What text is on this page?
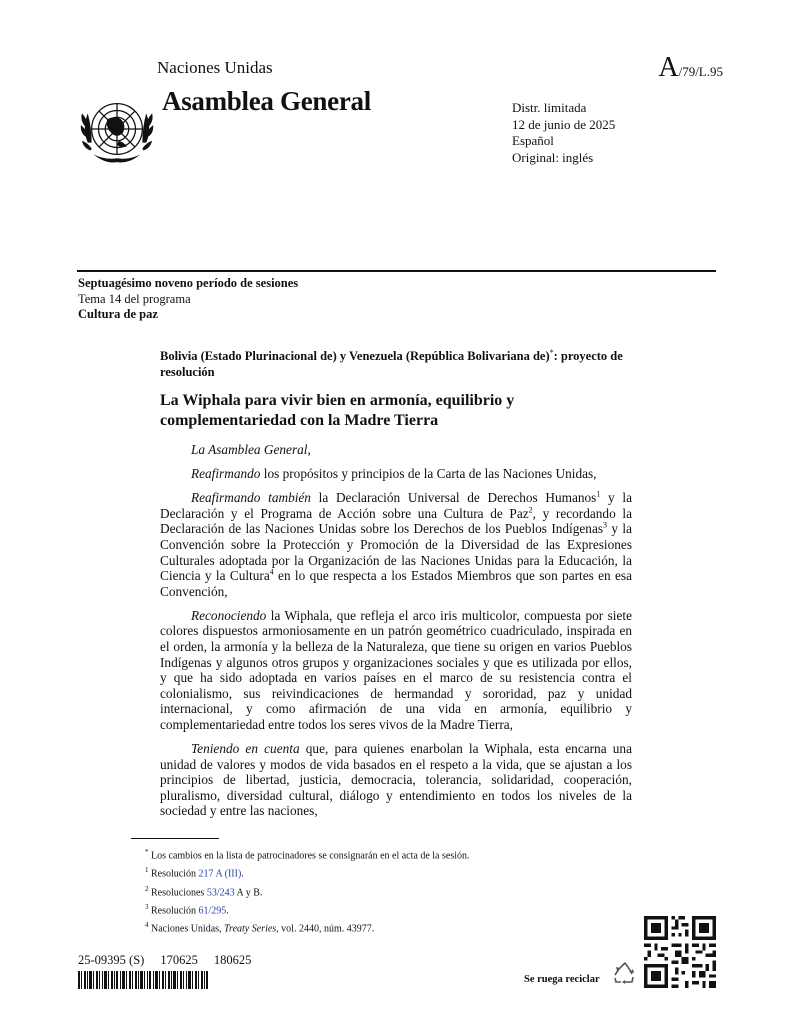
Naciones Unidas	A/79/L.95
Asamblea General	Distr. limitada
12 de junio de 2025
Español
Original: inglés
Septuagésimo noveno período de sesiones
Tema 14 del programa
Cultura de paz
Bolivia (Estado Plurinacional de) y Venezuela (República Bolivariana de)*: proyecto de resolución
La Wiphala para vivir bien en armonía, equilibrio y complementariedad con la Madre Tierra

La Asamblea General,

Reafirmando los propósitos y principios de la Carta de las Naciones Unidas,

Reafirmando también la Declaración Universal de Derechos Humanos$^1$ y la Declaración y el Programa de Acción sobre una Cultura de Paz$^2$, y recordando la Declaración de las Naciones Unidas sobre los Derechos de los Pueblos Indígenas$^3$ y la Convención sobre la Protección y Promoción de la Diversidad de las Expresiones Culturales adoptada por la Organización de las Naciones Unidas para la Educación, la Ciencia y la Cultura$^4$ en lo que respecta a los Estados Miembros que son partes en esa Convención,

Reconociendo la Wiphala, que refleja el arco iris multicolor, compuesta por siete colores dispuestos armoniosamente en un patrón geométrico cuadriculado, inspirada en el orden, la armonía y la belleza de la Naturaleza, que tiene su origen en varios Pueblos Indígenas y algunos otros grupos y organizaciones sociales y que es utilizada por ellos, y que ha sido adoptada en varios países en el marco de su resistencia contra el colonialismo, sus reivindicaciones de hermandad y sororidad, paz y unidad internacional, y como afirmación de una vida en armonía, equilibrio y complementariedad entre todos los seres vivos de la Madre Tierra,

Teniendo en cuenta que, para quienes enarbolan la Wiphala, esta encarna una unidad de valores y modos de vida basados en el respeto a la vida, que se ajustan a los principios de libertad, justicia, democracia, tolerancia, solidaridad, cooperación, pluralismo, diversidad cultural, diálogo y entendimiento en todos los niveles de la sociedad y entre las naciones,

* Los cambios en la lista de patrocinadores se consignarán en el acta de la sesión.
$^1$ Resolución 217 A (III).
$^2$ Resoluciones 53/243 A y B.
$^3$ Resolución 61/295.
$^4$ Naciones Unidas, Treaty Series, vol. 2440, núm. 43977.
25-09395 (S) 170625 180625
Se ruega reciclar
